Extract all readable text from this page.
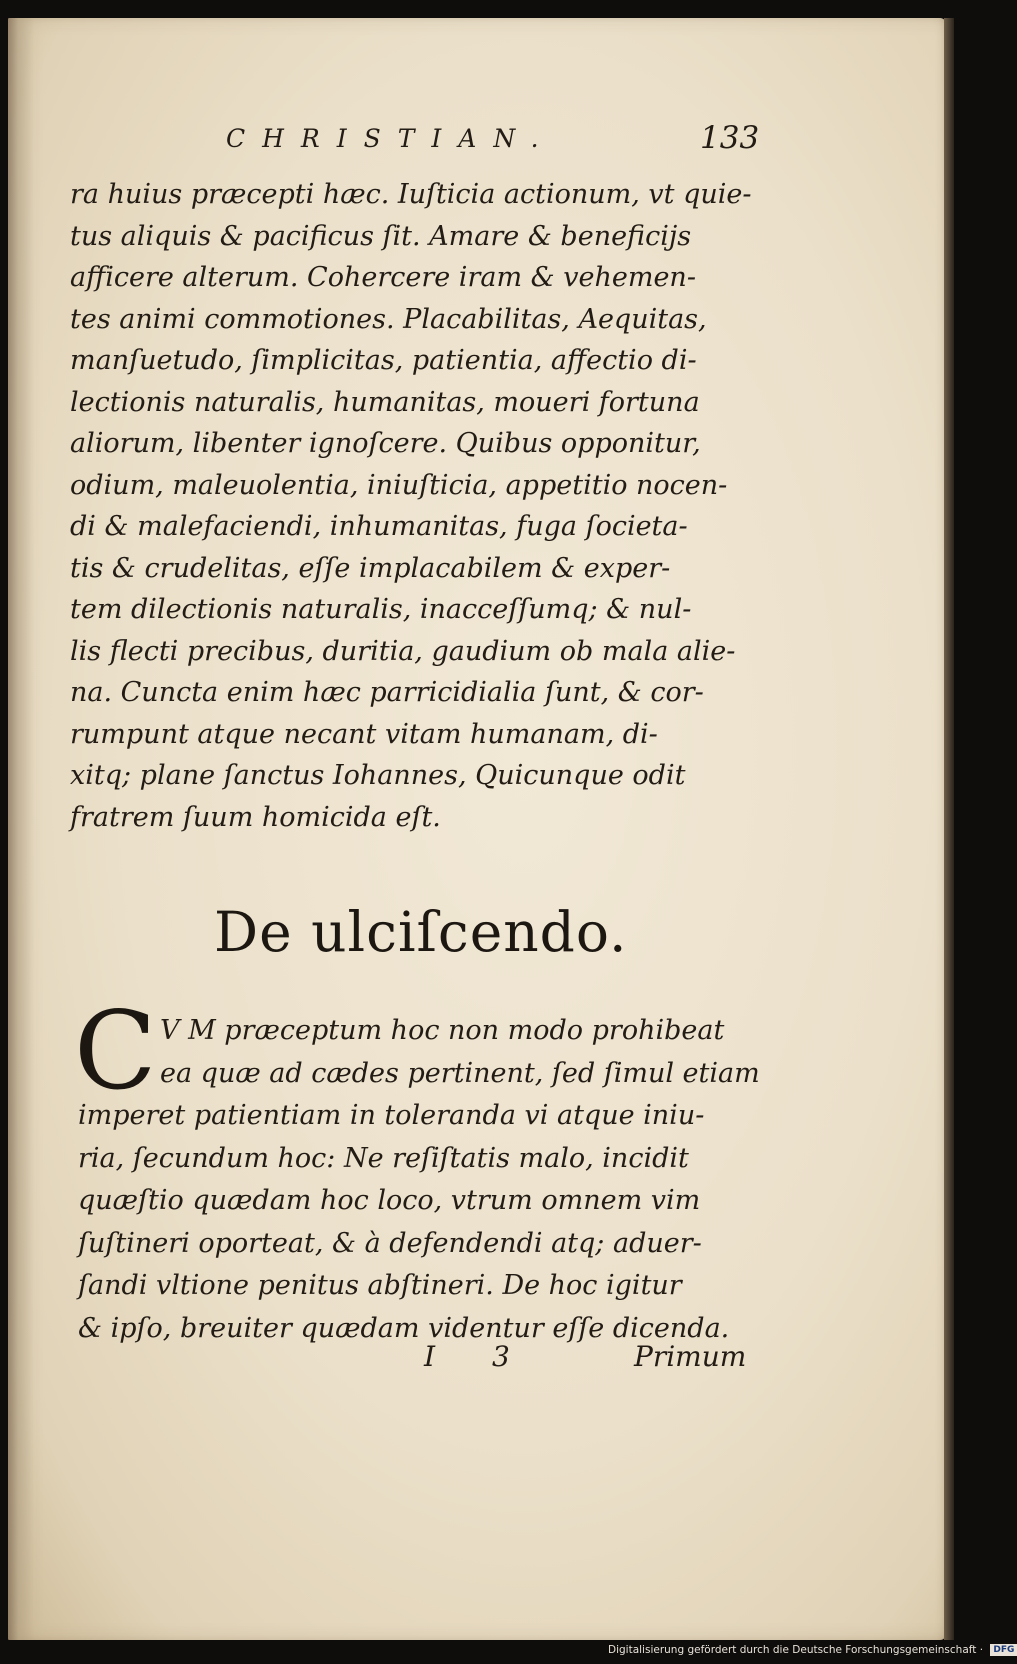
CHRISTIAN.	133
ra huius præcepti hæc. Iuſticia actionum, vt quie-
tus aliquis & pacificus ſit. Amare & beneficijs
afficere alterum. Cohercere iram & vehemen-
tes animi commotiones. Placabilitas, Aequitas,
manſuetudo, ſimplicitas, patientia, affectio di-
lectionis naturalis, humanitas, moueri fortuna
aliorum, libenter ignoſcere. Quibus opponitur,
odium, maleuolentia, iniuſticia, appetitio nocen-
di & malefaciendi, inhumanitas, fuga ſocieta-
tis & crudelitas, eſſe implacabilem & exper-
tem dilectionis naturalis, inacceſſumq; & nul-
lis flecti precibus, duritia, gaudium ob mala alie-
na. Cuncta enim hæc parricidialia ſunt, & cor-
rumpunt atque necant vitam humanam, di-
xitq; plane ſanctus Iohannes, Quicunque odit
fratrem ſuum homicida eſt.
De ulciſcendo.
C V M præceptum hoc non modo prohibeat
ea quæ ad cædes pertinent, ſed ſimul etiam
imperet patientiam in toleranda vi atque iniu-
ria, ſecundum hoc: Ne reſiſtatis malo, incidit
quæſtio quædam hoc loco, vtrum omnem vim
ſuſtineri oporteat, & à defendendi atq; aduer-
ſandi vltione penitus abſtineri. De hoc igitur
& ipſo, breuiter quædam videntur eſſe dicenda.
I 3	Primum
Digitalisierung gefördert durch die Deutsche Forschungsgemeinschaft · DFG
